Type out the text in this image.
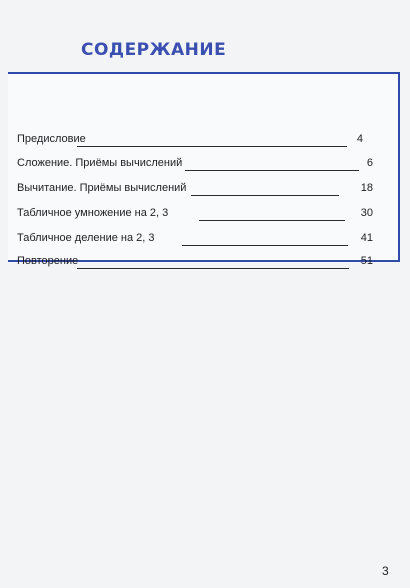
СОДЕРЖАНИЕ
Предисловие	4
Сложение. Приёмы вычислений	6
Вычитание. Приёмы вычислений	18
Табличное умножение на 2, 3	30
Табличное деление на 2, 3	41
Повторение	51
3
